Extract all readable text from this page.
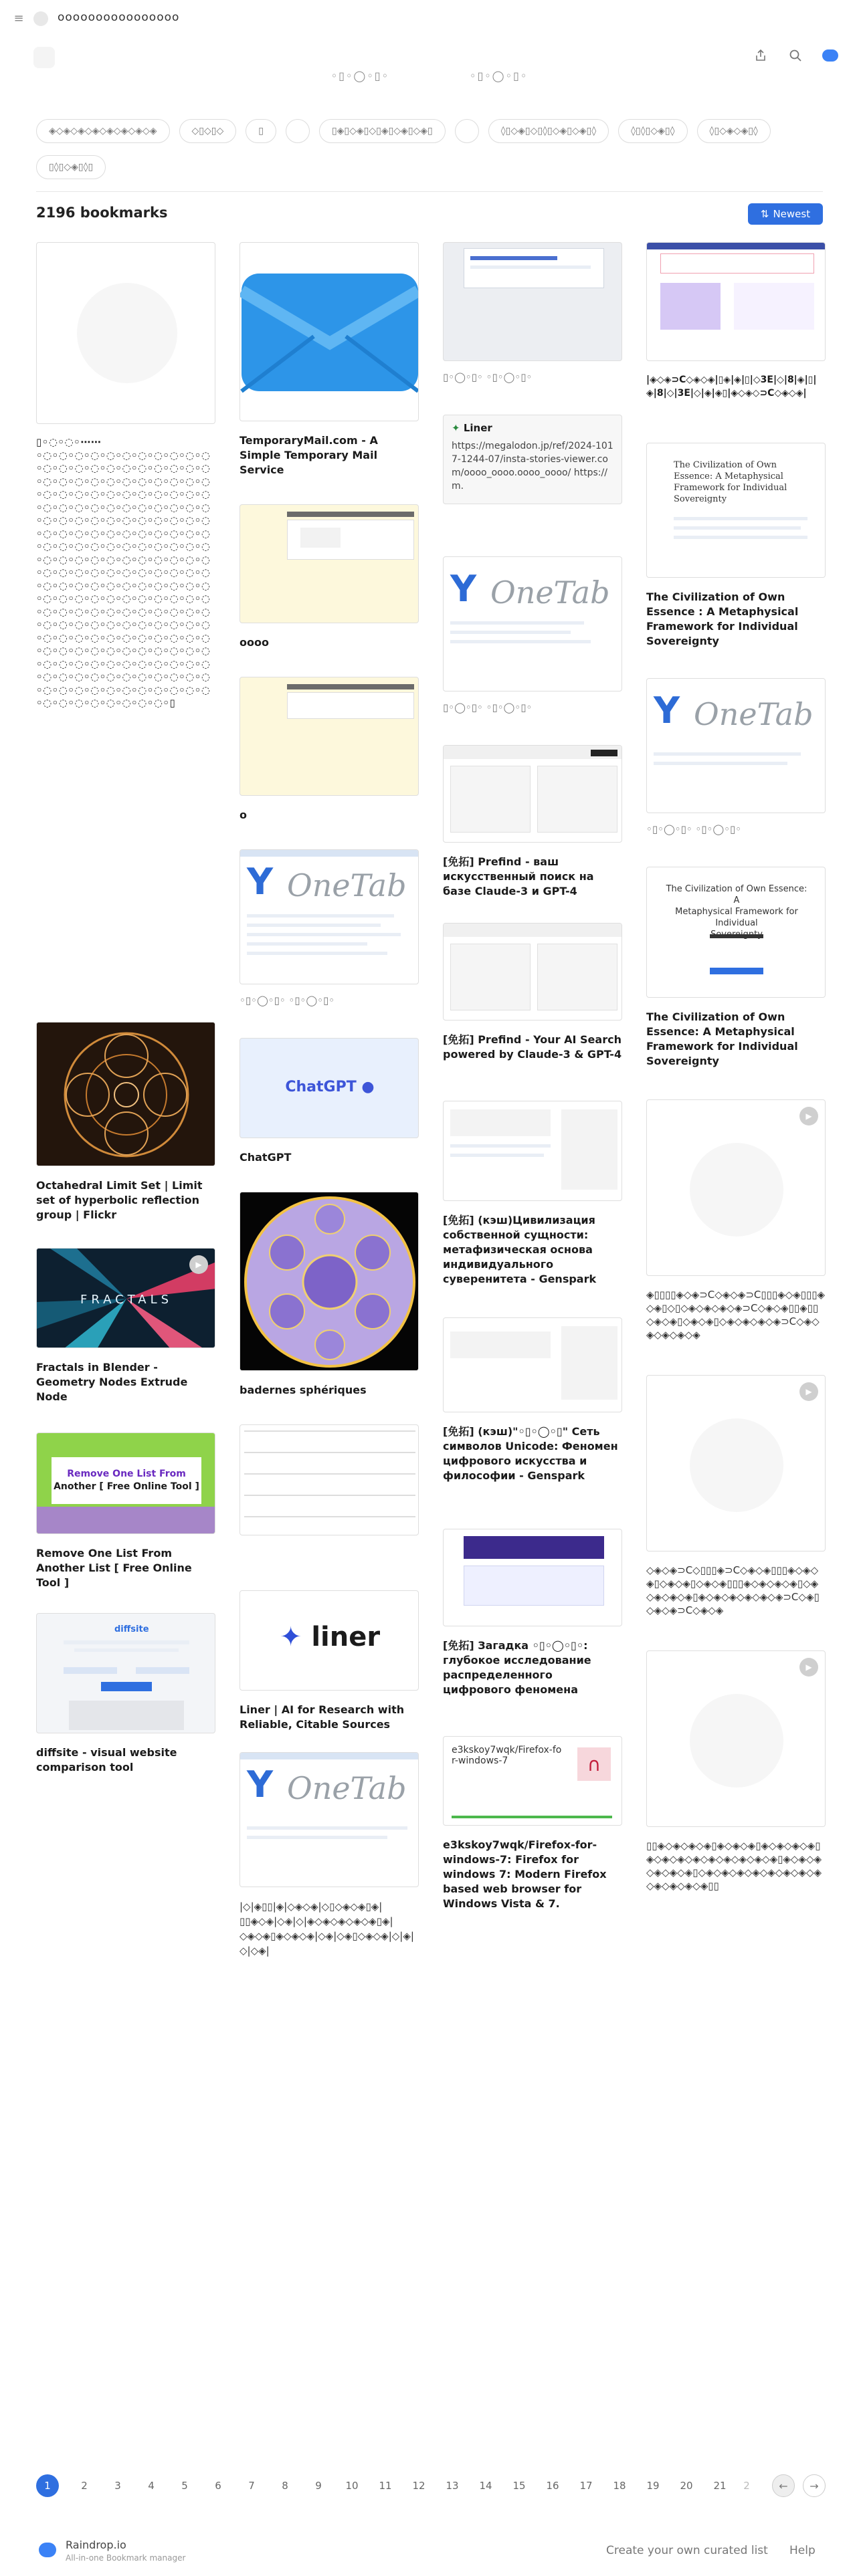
≡	oooooooooooooooo
◦▯◦◯◦▯◦	◦▯◦◯◦▯◦
◈◇◈◇◈◇◈◇◈◇◈◇◈◇◈	◇▯◇▯◇	▯	▯◈▯◇◈▯◇▯◈▯◇◈▯◇◈▯	◊▯◇◈▯◇▯◊▯◇◈▯◇◈▯◊	◊▯◊▯◇◈▯◊	◊▯◇◈◇◈▯◊
▯◊▯◇◈▯◊▯
2196 bookmarks	⇅ Newest
▯◦◌◦◌◦⋯⋯◦◌◦◌◦◌◦◌◦◌◦◌◦◌◦◌◦◌◦◌◦◌◦◌◦◌◦◌◦◌◦◌◦◌◦◌◦◌◦◌◦◌◦◌◦◌◦◌◦◌◦◌◦◌◦◌◦◌◦◌◦◌◦◌◦◌◦◌◦◌◦◌◦◌◦◌◦◌◦◌◦◌◦◌◦◌◦◌◦◌◦◌◦◌◦◌◦◌◦◌◦◌◦◌◦◌◦◌◦◌◦◌◦◌◦◌◦◌◦◌◦◌◦◌◦◌◦◌◦◌◦◌◦◌◦◌◦◌◦◌◦◌◦◌◦◌◦◌◦◌◦◌◦◌◦◌◦◌◦◌◦◌◦◌◦◌◦◌◦◌◦◌◦◌◦◌◦◌◦◌◦◌◦◌◦◌◦◌◦◌◦◌◦◌◦◌◦◌◦◌◦◌◦◌◦◌◦◌◦◌◦◌◦◌◦◌◦◌◦◌◦◌◦◌◦◌◦◌◦◌◦◌◦◌◦◌◦◌◦◌◦◌◦◌◦◌◦◌◦◌◦◌◦◌◦◌◦◌◦◌◦◌◦◌◦◌◦◌◦◌◦◌◦◌◦◌◦◌◦◌◦◌◦◌◦◌◦◌◦◌◦◌◦◌◦◌◦◌◦◌◦◌◦◌◦◌◦◌◦◌◦◌◦◌◦◌◦◌◦◌◦◌◦◌◦◌◦◌◦◌◦◌◦◌◦◌◦◌◦◌◦◌◦◌◦◌◦◌◦◌◦◌◦◌◦◌◦◌◦◌◦◌◦◌◦◌◦◌◦◌◦◌◦◌◦◌◦◌◦◌◦◌◦◌◦◌◦◌◦◌◦◌◦◌◦◌◦◌◦◌◦◌◦◌◦◌◦◌◦◌◦◌◦◌◦◌◦◌◦◌◦◌◦◌◦◌◦◌◦◌◦◌◦◌◦▯
Octahedral Limit Set | Limit set of hyperbolic reflection group | Flickr
FRACTALS
▶
Fractals in Blender - Geometry Nodes Extrude Node
Remove One List From
Another [ Free Online Tool ]
Remove One List From Another List [ Free Online Tool ]
diffsite
diffsite - visual website comparison tool
TemporaryMail.com - A Simple Temporary Mail Service
oooo
o
Y OneTab
◦▯◦◯◦▯◦ ◦▯◦◯◦▯◦
ChatGPT ●
ChatGPT
badernes sphériques
✦ liner
Liner | AI for Research with Reliable, Citable Sources
Y OneTab
|◇|◈▯▯|◈|◇◈◇◈|◇▯◇◈◇◈▯◈|▯▯◈◇◈|◇◈|◇|◈◇◈◇◈◇◈◇◈▯◈|◇◈◇◈▯◈◇◈◇◈|◇◈|◇◈▯◇◈◇◈|◇|◈|◇|◇◈|
▯◦◯◦▯◦ ◦▯◦◯◦▯◦
✦ Liner
https://megalodon.jp/ref/2024-1017-1244-07/insta-stories-viewer.com/oooo_oooo.oooo_oooo/ https://m.
Y OneTab
▯◦◯◦▯◦ ◦▯◦◯◦▯◦
[免拓] Prefind - ваш искусственный поиск на базе Claude-3 и GPT-4
[免拓] Prefind - Your AI Search powered by Claude-3 & GPT-4
[免拓] (кэш)Цивилизация собственной сущности: метафизическая основа индивидуального суверенитета - Genspark
[免拓] (кэш)"◦▯◦◯◦▯" Сеть символов Unicode: Феномен цифрового искусства и философии - Genspark
[免拓] Загадка ◦▯◦◯◦▯◦: глубокое исследование распределенного цифрового феномена
e3kskoy7wqk/Firefox-for-windows-7	∩
e3kskoy7wqk/Firefox-for-windows-7: Firefox for windows 7: Modern Firefox based web browser for Windows Vista & 7.
|◈◇◈⊃C◇◈◇◈|▯◈|◈|▯|◇3E|◇|8|◈|▯|◈|8|◇|3E|◇|◈|◈▯|◈◇◈◇⊃C◇◈◇◈|
The Civilization of Own
Essence: A Metaphysical
Framework for Individual
Sovereignty
The Civilization of Own Essence : A Metaphysical Framework for Individual Sovereignty
Y OneTab
◦▯◦◯◦▯◦ ◦▯◦◯◦▯◦
The Civilization of Own Essence: A
Metaphysical Framework for Individual

The Civilization of Own Essence: A Metaphysical Framework for Individual Sovereignty
▶
◈▯▯▯▯◈◇◈⊃C◇◈◇◈⊃C▯▯▯◈◇◈▯▯▯◈◇◈▯◇▯◇◈◇◈◇◈◇◈⊃C◇◈◇◈▯▯◈▯▯◇◈◇◈▯◇◈◇◈▯◇◈◇◈◇◈◇◈⊃C◇◈◇◈◇◈◇◈◇◈
▶
◇◈◇◈⊃C◇▯▯▯◈⊃C◇◈◇◈▯▯▯◈◇◈◇◈▯◇◈◇◈▯◇◈◇◈▯▯▯◈◇◈◇◈◇◈▯◇◈◇◈◇◈◇◈▯◈◇◈◇◈◇◈◇◈◇◈⊃C◇◈▯◇◈◇◈⊃C◇◈◇◈
▶
▯▯◈◇◈◇◈◇◈▯◈◇◈◇◈▯◈◇◈◇◈◇◈▯◈◇◈◇◈◇◈◇◈◇◈◇◈◇◈◇◈▯◈◇◈◇◈◇◈◇◈◇◈▯◇◈◇◈◇◈◇◈◇◈◇◈◇◈◇◈◇◈◇◈◇◈◇◈▯▯
1	2	3	4	5	6	7	8	9	10	11	12	13	14	15	16	17	18	19	20	21	2	←	→
Raindrop.io
All-in-one Bookmark manager
Create your own curated list Help
